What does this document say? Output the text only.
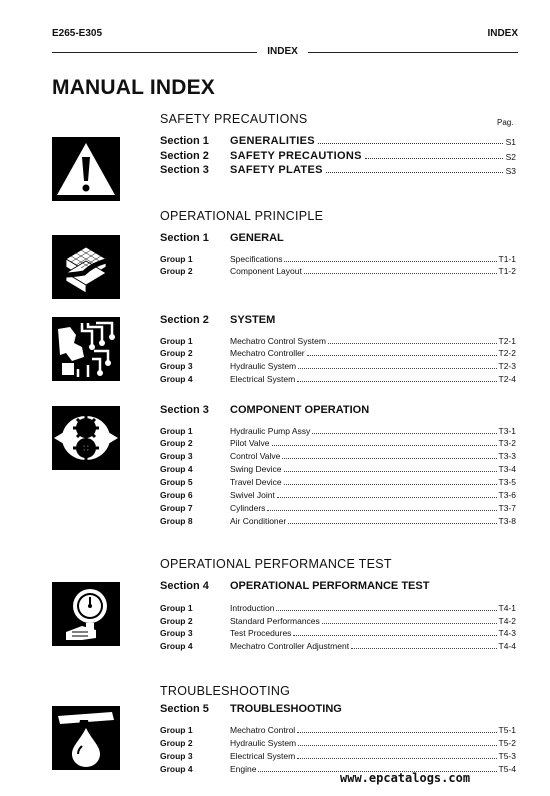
E265-E305	INDEX
INDEX
MANUAL INDEX
SAFETY PRECAUTIONS	Pag.
Section 1	GENERALITIES	S1
Section 2	SAFETY PRECAUTIONS	S2
Section 3	SAFETY PLATES	S3
OPERATIONAL PRINCIPLE
Section 1	GENERAL
Group 1	Specifications	T1-1
Group 2	Component Layout	T1-2
Section 2	SYSTEM
Group 1	Mechatro Control System	T2-1
Group 2	Mechatro Controller	T2-2
Group 3	Hydraulic System	T2-3
Group 4	Electrical System	T2-4
Section 3	COMPONENT OPERATION
Group 1	Hydraulic Pump Assy	T3-1
Group 2	Pilot Valve	T3-2
Group 3	Control Valve	T3-3
Group 4	Swing Device	T3-4
Group 5	Travel Device	T3-5
Group 6	Swivel Joint	T3-6
Group 7	Cylinders	T3-7
Group 8	Air Conditioner	T3-8
OPERATIONAL PERFORMANCE TEST
Section 4	OPERATIONAL PERFORMANCE TEST
Group 1	Introduction	T4-1
Group 2	Standard Performances	T4-2
Group 3	Test Procedures	T4-3
Group 4	Mechatro Controller Adjustment	T4-4
TROUBLESHOOTING
Section 5	TROUBLESHOOTING
Group 1	Mechatro Control	T5-1
Group 2	Hydraulic System	T5-2
Group 3	Electrical System	T5-3
Group 4	Engine	T5-4
www.epcatalogs.com
